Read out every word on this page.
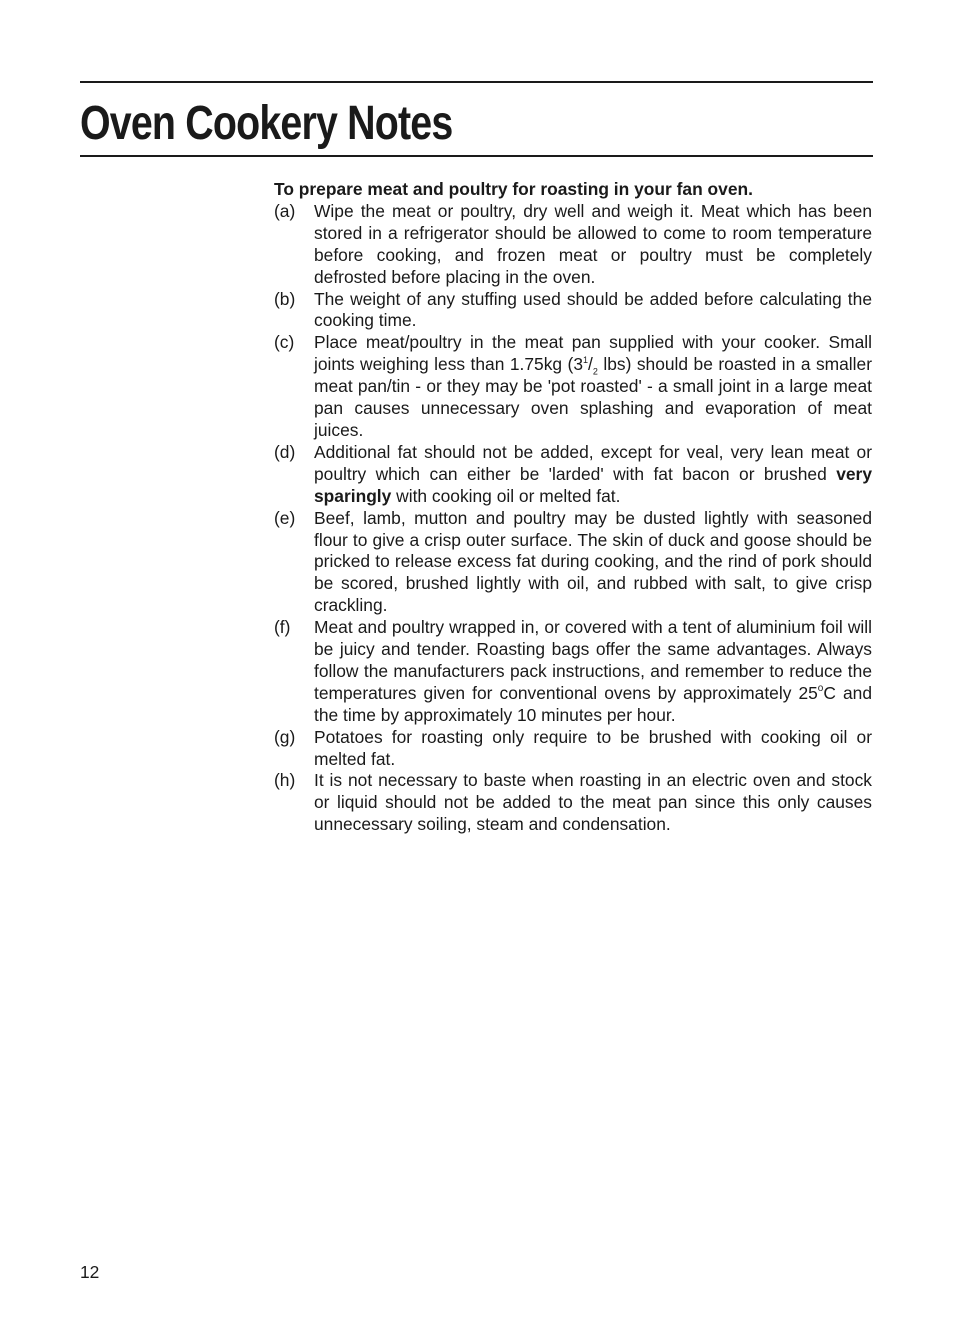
Oven Cookery Notes

To prepare meat and poultry for roasting in your fan oven.

(a)	Wipe the meat or poultry, dry well and weigh it. Meat which has been stored in a refrigerator should be allowed to come to room temperature before cooking, and frozen meat or poultry must be completely defrosted before placing in the oven.
(b)	The weight of any stuffing used should be added before calculating the cooking time.
(c)	Place meat/poultry in the meat pan supplied with your cooker. Small joints weighing less than 1.75kg ($3^1/_2$ lbs) should be roasted in a smaller meat pan/tin - or they may be 'pot roasted' - a small joint in a large meat pan causes unnecessary oven splashing and evaporation of meat juices.
(d)	Additional fat should not be added, except for veal, very lean meat or poultry which can either be 'larded' with fat bacon or brushed very sparingly with cooking oil or melted fat.
(e)	Beef, lamb, mutton and poultry may be dusted lightly with seasoned flour to give a crisp outer surface. The skin of duck and goose should be pricked to release excess fat during cooking, and the rind of pork should be scored, brushed lightly with oil, and rubbed with salt, to give crisp crackling.
(f)	Meat and poultry wrapped in, or covered with a tent of aluminium foil will be juicy and tender. Roasting bags offer the same advantages. Always follow the manufacturers pack instructions, and remember to reduce the temperatures given for conventional ovens by approximately 25$^o$C and the time by approximately 10 minutes per hour.
(g)	Potatoes for roasting only require to be brushed with cooking oil or melted fat.
(h)	It is not necessary to baste when roasting in an electric oven and stock or liquid should not be added to the meat pan since this only causes unnecessary soiling, steam and condensation.
12
